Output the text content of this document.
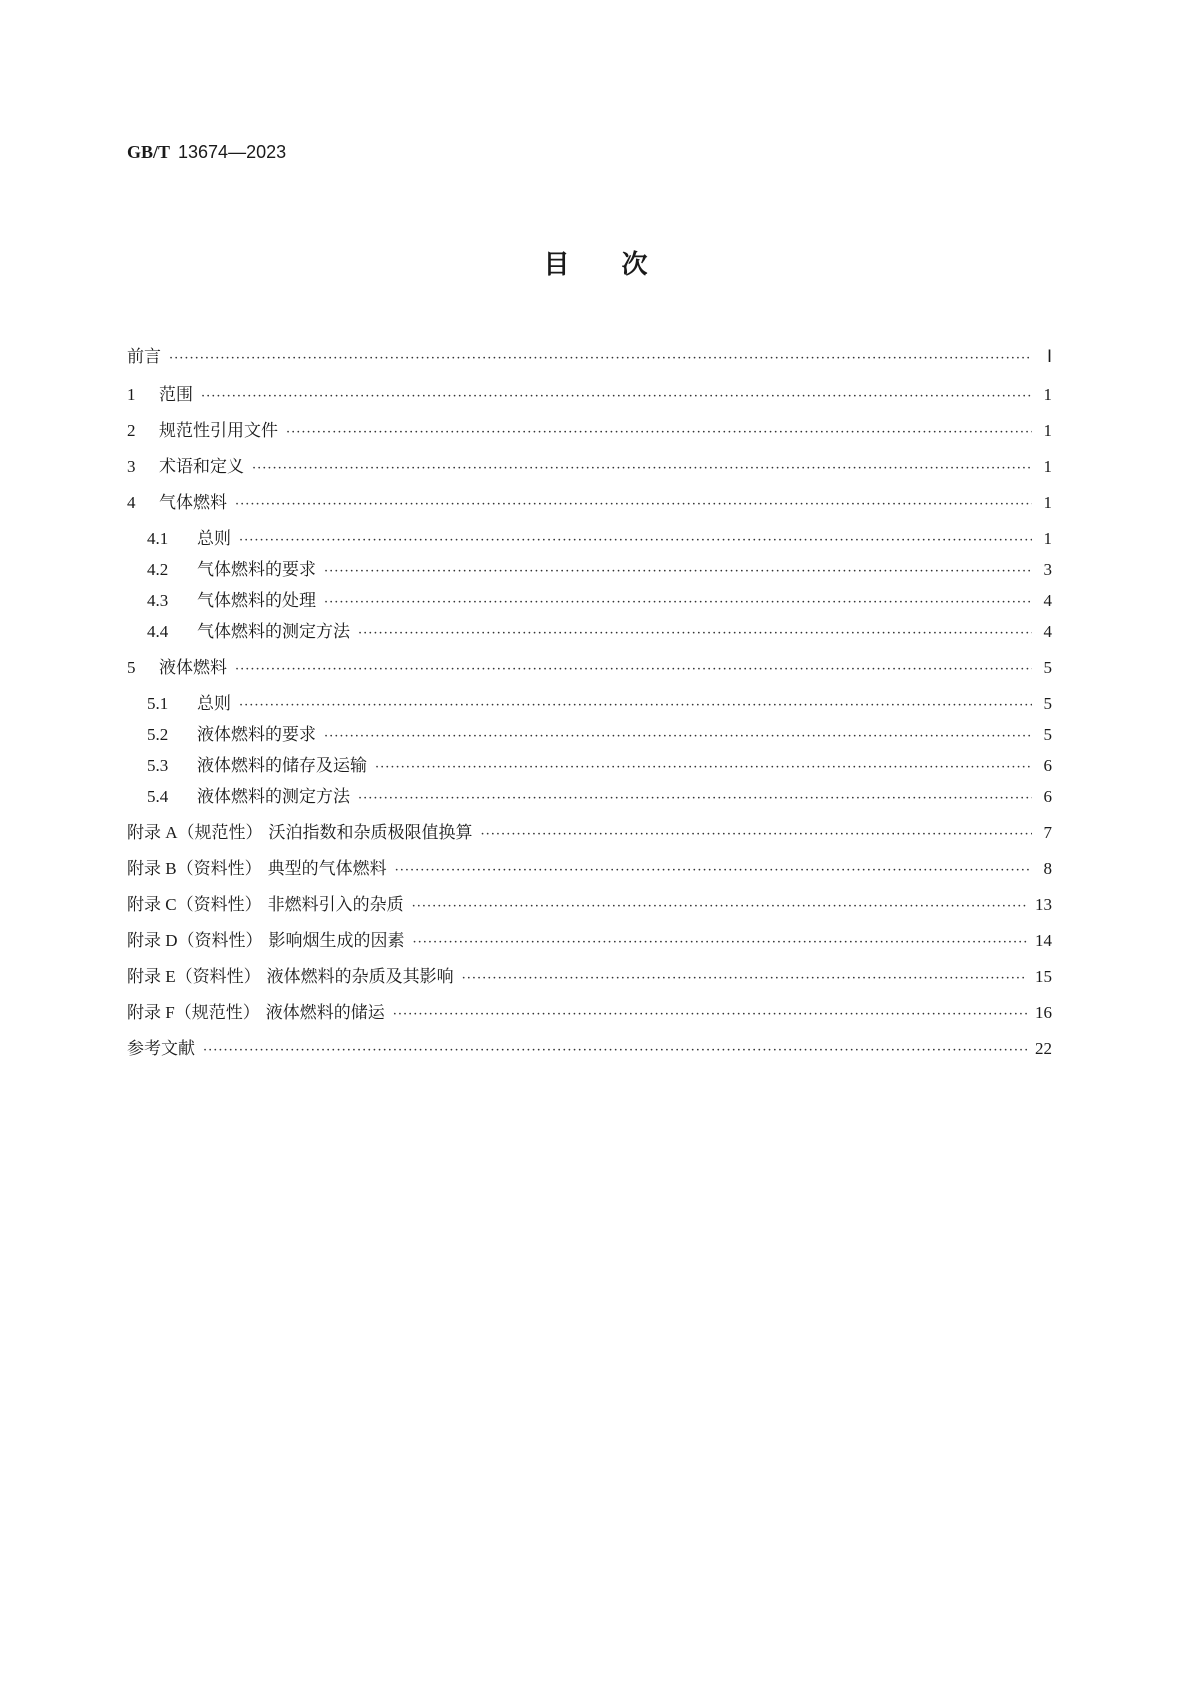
GB/T 13674—2023
目次
前言 ·····	Ⅰ
1 范围 ·····	1
2 规范性引用文件 ·····	1
3 术语和定义 ·····	1
4 气体燃料 ·····	1
4.1 总则 ·····	1
4.2 气体燃料的要求 ·····	3
4.3 气体燃料的处理 ·····	4
4.4 气体燃料的测定方法 ·····	4
5 液体燃料 ·····	5
5.1 总则 ·····	5
5.2 液体燃料的要求 ·····	5
5.3 液体燃料的储存及运输 ·····	6
5.4 液体燃料的测定方法 ·····	6
附录 A（规范性） 沃泊指数和杂质极限值换算 ·····	7
附录 B（资料性） 典型的气体燃料 ·····	8
附录 C（资料性） 非燃料引入的杂质 ·····	13
附录 D（资料性） 影响烟生成的因素 ·····	14
附录 E（资料性） 液体燃料的杂质及其影响 ·····	15
附录 F（规范性） 液体燃料的储运 ·····	16
参考文献 ·····	22
